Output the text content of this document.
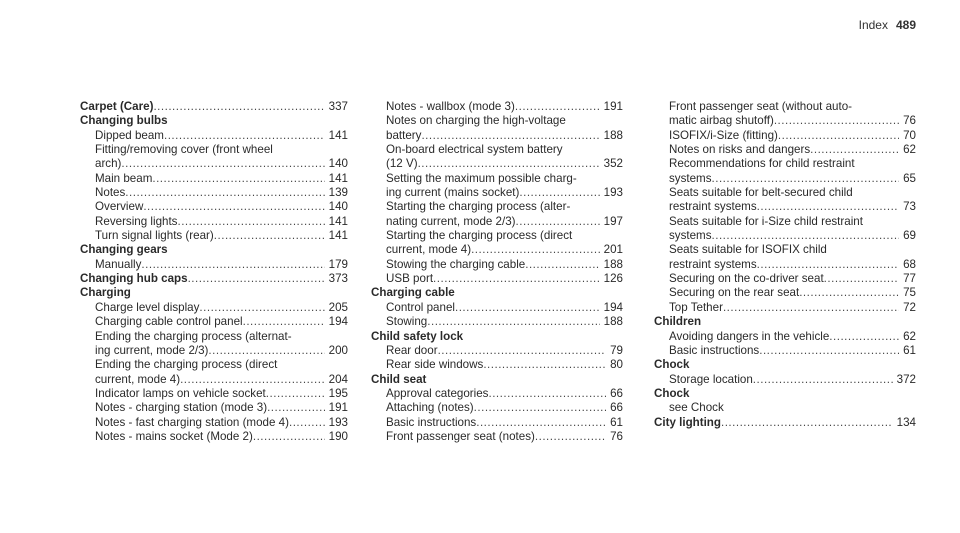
Index 489
Carpet (Care) .....	337
Changing bulbs
Dipped beam .....	141
Fitting/removing cover (front wheel
arch) .....	140
Main beam .....	141
Notes .....	139
Overview .....	140
Reversing lights .....	141
Turn signal lights (rear) .....	141
Changing gears
Manually .....	179
Changing hub caps .....	373
Charging
Charge level display .....	205
Charging cable control panel .....	194
Ending the charging process (alternat-
ing current, mode 2/3) .....	200
Ending the charging process (direct
current, mode 4) .....	204
Indicator lamps on vehicle socket .....	195
Notes - charging station (mode 3) .....	191
Notes - fast charging station (mode 4) .....	193
Notes - mains socket (Mode 2) .....	190
Notes - wallbox (mode 3) .....	191
Notes on charging the high-voltage
battery .....	188
On-board electrical system battery
(12 V) .....	352
Setting the maximum possible charg-
ing current (mains socket) .....	193
Starting the charging process (alter-
nating current, mode 2/3) .....	197
Starting the charging process (direct
current, mode 4) .....	201
Stowing the charging cable .....	188
USB port .....	126
Charging cable
Control panel .....	194
Stowing .....	188
Child safety lock
Rear door .....	79
Rear side windows .....	80
Child seat
Approval categories .....	66
Attaching (notes) .....	66
Basic instructions .....	61
Front passenger seat (notes) .....	76
Front passenger seat (without auto-
matic airbag shutoff) .....	76
ISOFIX/i-Size (fitting) .....	70
Notes on risks and dangers .....	62
Recommendations for child restraint
systems .....	65
Seats suitable for belt-secured child
restraint systems .....	73
Seats suitable for i-Size child restraint
systems .....	69
Seats suitable for ISOFIX child
restraint systems .....	68
Securing on the co-driver seat .....	77
Securing on the rear seat .....	75
Top Tether .....	72
Children
Avoiding dangers in the vehicle .....	62
Basic instructions .....	61
Chock
Storage location .....	372
Chock
see Chock
City lighting .....	134
